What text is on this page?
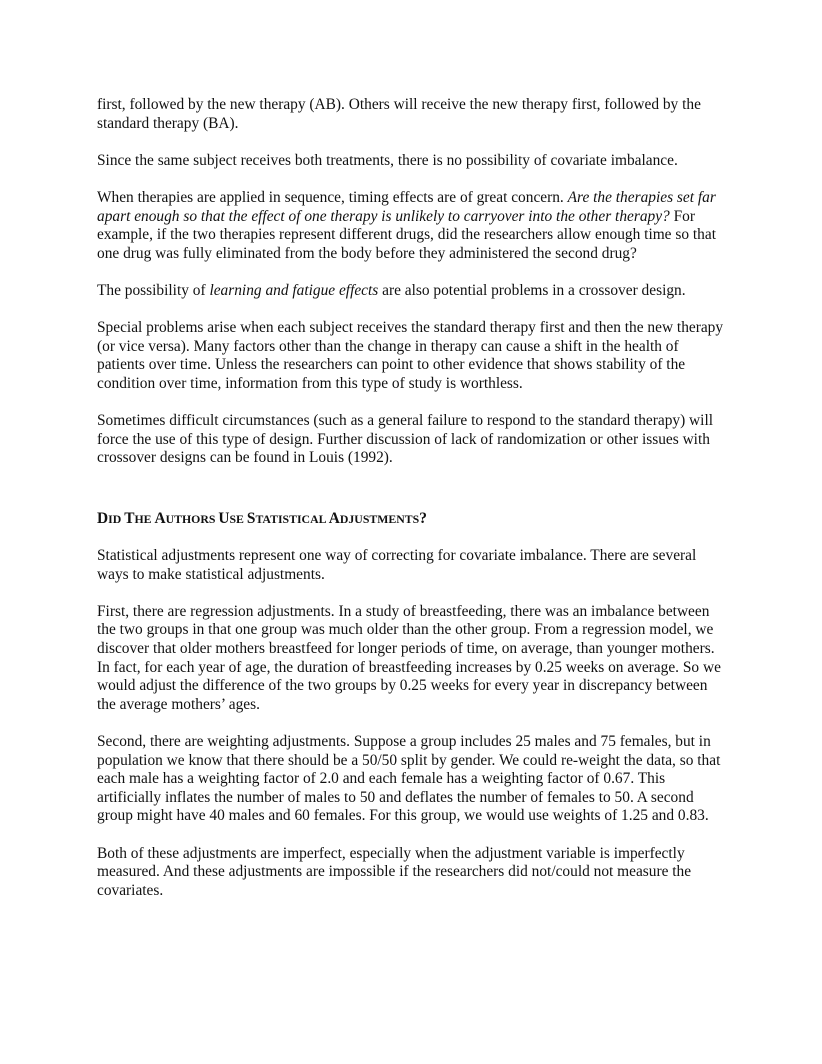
first, followed by the new therapy (AB). Others will receive the new therapy first, followed by the standard therapy (BA).

Since the same subject receives both treatments, there is no possibility of covariate imbalance.

When therapies are applied in sequence, timing effects are of great concern. Are the therapies set far apart enough so that the effect of one therapy is unlikely to carryover into the other therapy? For example, if the two therapies represent different drugs, did the researchers allow enough time so that one drug was fully eliminated from the body before they administered the second drug?

The possibility of learning and fatigue effects are also potential problems in a crossover design.

Special problems arise when each subject receives the standard therapy first and then the new therapy (or vice versa). Many factors other than the change in therapy can cause a shift in the health of patients over time. Unless the researchers can point to other evidence that shows stability of the condition over time, information from this type of study is worthless.

Sometimes difficult circumstances (such as a general failure to respond to the standard therapy) will force the use of this type of design. Further discussion of lack of randomization or other issues with crossover designs can be found in Louis (1992).

DID THE AUTHORS USE STATISTICAL ADJUSTMENTS?

Statistical adjustments represent one way of correcting for covariate imbalance. There are several ways to make statistical adjustments.

First, there are regression adjustments. In a study of breastfeeding, there was an imbalance between the two groups in that one group was much older than the other group. From a regression model, we discover that older mothers breastfeed for longer periods of time, on average, than younger mothers. In fact, for each year of age, the duration of breastfeeding increases by 0.25 weeks on average. So we would adjust the difference of the two groups by 0.25 weeks for every year in discrepancy between the average mothers’ ages.

Second, there are weighting adjustments. Suppose a group includes 25 males and 75 females, but in population we know that there should be a 50/50 split by gender. We could re-weight the data, so that each male has a weighting factor of 2.0 and each female has a weighting factor of 0.67. This artificially inflates the number of males to 50 and deflates the number of females to 50. A second group might have 40 males and 60 females. For this group, we would use weights of 1.25 and 0.83.

Both of these adjustments are imperfect, especially when the adjustment variable is imperfectly measured. And these adjustments are impossible if the researchers did not/could not measure the covariates.
